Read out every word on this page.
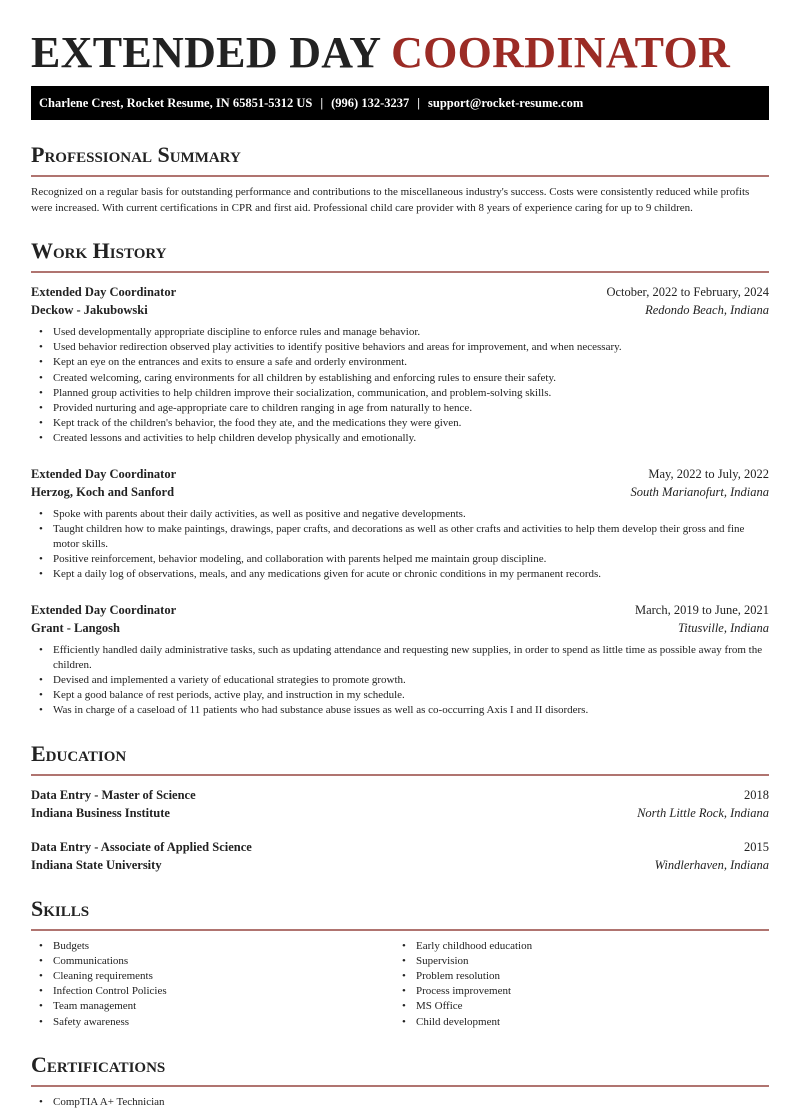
EXTENDED DAY COORDINATOR
Charlene Crest, Rocket Resume, IN 65851-5312 US | (996) 132-3237 | support@rocket-resume.com
Professional Summary

Recognized on a regular basis for outstanding performance and contributions to the miscellaneous industry's success. Costs were consistently reduced while profits were increased. With current certifications in CPR and first aid. Professional child care provider with 8 years of experience caring for up to 9 children.

Work History
Extended Day Coordinator	October, 2022 to February, 2024
Deckow - Jakubowski	Redondo Beach, Indiana
• Used developmentally appropriate discipline to enforce rules and manage behavior.
• Used behavior redirection observed play activities to identify positive behaviors and areas for improvement, and when necessary.
• Kept an eye on the entrances and exits to ensure a safe and orderly environment.
• Created welcoming, caring environments for all children by establishing and enforcing rules to ensure their safety.
• Planned group activities to help children improve their socialization, communication, and problem-solving skills.
• Provided nurturing and age-appropriate care to children ranging in age from naturally to hence.
• Kept track of the children's behavior, the food they ate, and the medications they were given.
• Created lessons and activities to help children develop physically and emotionally.
Extended Day Coordinator	May, 2022 to July, 2022
Herzog, Koch and Sanford	South Marianofurt, Indiana
• Spoke with parents about their daily activities, as well as positive and negative developments.
• Taught children how to make paintings, drawings, paper crafts, and decorations as well as other crafts and activities to help them develop their gross and fine motor skills.
• Positive reinforcement, behavior modeling, and collaboration with parents helped me maintain group discipline.
• Kept a daily log of observations, meals, and any medications given for acute or chronic conditions in my permanent records.
Extended Day Coordinator	March, 2019 to June, 2021
Grant - Langosh	Titusville, Indiana
• Efficiently handled daily administrative tasks, such as updating attendance and requesting new supplies, in order to spend as little time as possible away from the children.
• Devised and implemented a variety of educational strategies to promote growth.
• Kept a good balance of rest periods, active play, and instruction in my schedule.
• Was in charge of a caseload of 11 patients who had substance abuse issues as well as co-occurring Axis I and II disorders.
Education
Data Entry - Master of Science	2018
Indiana Business Institute	North Little Rock, Indiana
Data Entry - Associate of Applied Science	2015
Indiana State University	Windlerhaven, Indiana
Skills
• Budgets
• Communications
• Cleaning requirements
• Infection Control Policies
• Team management
• Safety awareness
• Early childhood education
• Supervision
• Problem resolution
• Process improvement
• MS Office
• Child development
Certifications
• CompTIA A+ Technician
